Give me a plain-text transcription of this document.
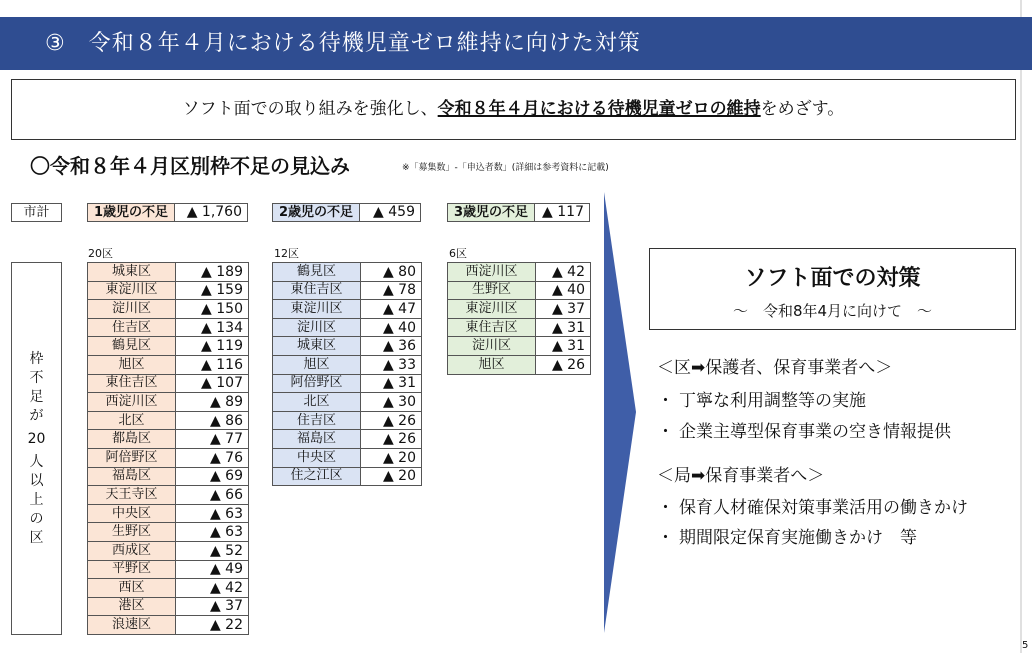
③　令和８年４月における待機児童ゼロ維持に向けた対策
ソフト面での取り組みを強化し、令和８年４月における待機児童ゼロの維持をめざす。
〇令和８年４月区別枠不足の見込み	※「募集数」-「申込者数」(詳細は参考資料に記載)
市計	1歳児の不足	▲ 1,760	2歳児の不足	▲ 459	3歳児の不足	▲ 117
20区	12区	6区
枠
不
足
が
20
人
以
上
の
区
城東区	▲ 189
東淀川区	▲ 159
淀川区	▲ 150
住吉区	▲ 134
鶴見区	▲ 119
旭区	▲ 116
東住吉区	▲ 107
西淀川区	▲ 89
北区	▲ 86
都島区	▲ 77
阿倍野区	▲ 76
福島区	▲ 69
天王寺区	▲ 66
中央区	▲ 63
生野区	▲ 63
西成区	▲ 52
平野区	▲ 49
西区	▲ 42
港区	▲ 37
浪速区	▲ 22
鶴見区	▲ 80
東住吉区	▲ 78
東淀川区	▲ 47
淀川区	▲ 40
城東区	▲ 36
旭区	▲ 33
阿倍野区	▲ 31
北区	▲ 30
住吉区	▲ 26
福島区	▲ 26
中央区	▲ 20
住之江区	▲ 20
西淀川区	▲ 42
生野区	▲ 40
東淀川区	▲ 37
東住吉区	▲ 31
淀川区	▲ 31
旭区	▲ 26
ソフト面での対策
～　令和8年4月に向けて　～
＜区➡保護者、保育事業者へ＞
・ 丁寧な利用調整等の実施
・ 企業主導型保育事業の空き情報提供
＜局➡保育事業者へ＞
・ 保育人材確保対策事業活用の働きかけ
・ 期間限定保育実施働きかけ　等
5
